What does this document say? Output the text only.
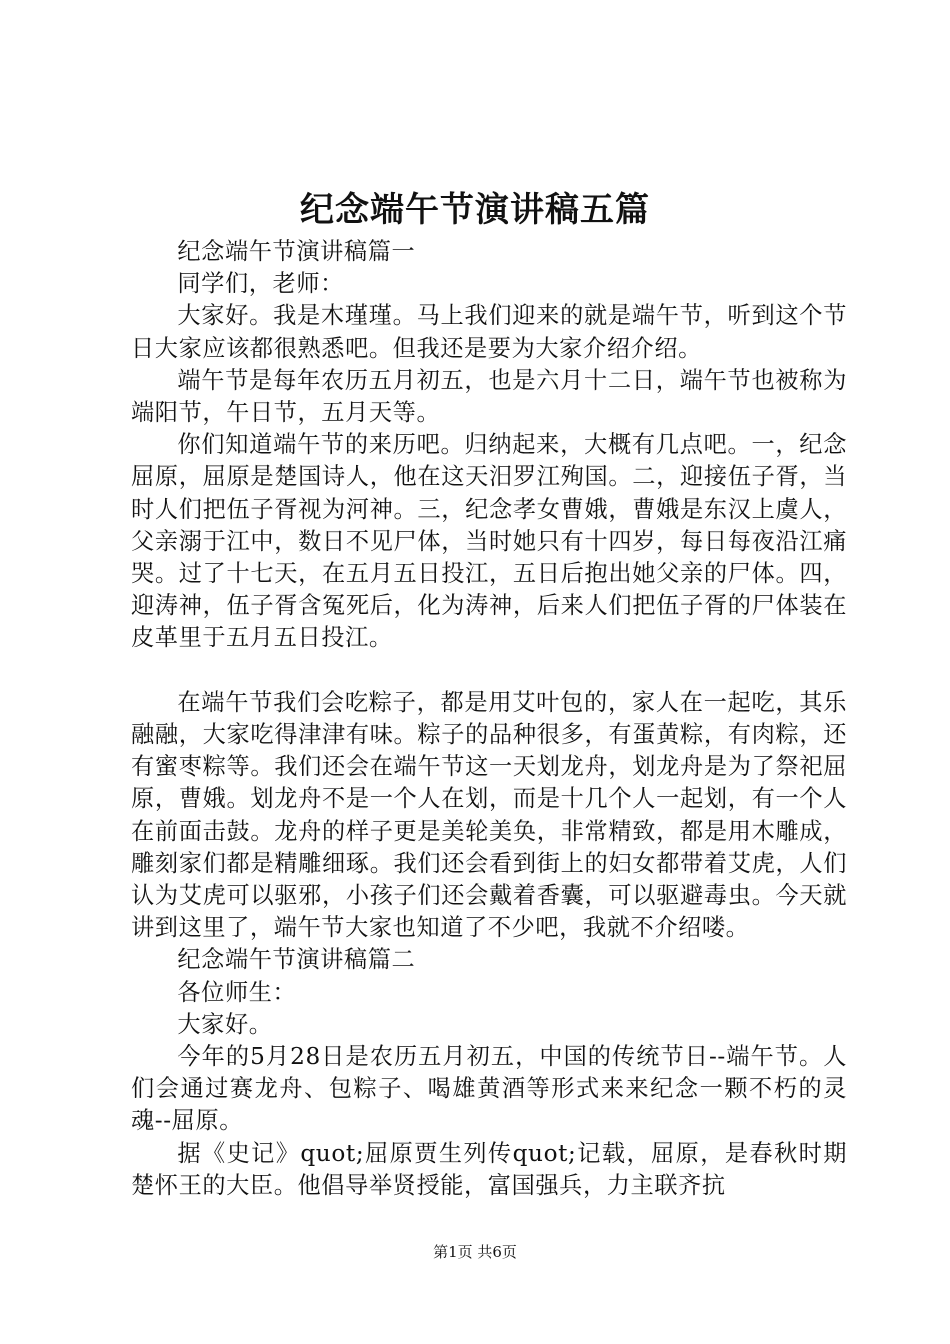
纪念端午节演讲稿五篇

纪念端午节演讲稿篇一

同学们，老师：

大家好。我是木瑾瑾。马上我们迎来的就是端午节，听到这个节日大家应该都很熟悉吧。但我还是要为大家介绍介绍。

端午节是每年农历五月初五，也是六月十二日，端午节也被称为端阳节，午日节，五月天等。

你们知道端午节的来历吧。归纳起来，大概有几点吧。一，纪念屈原，屈原是楚国诗人，他在这天汨罗江殉国。二，迎接伍子胥，当时人们把伍子胥视为河神。三，纪念孝女曹娥，曹娥是东汉上虞人，父亲溺于江中，数日不见尸体，当时她只有十四岁，每日每夜沿江痛哭。过了十七天，在五月五日投江，五日后抱出她父亲的尸体。四，迎涛神，伍子胥含冤死后，化为涛神，后来人们把伍子胥的尸体装在皮革里于五月五日投江。

在端午节我们会吃粽子，都是用艾叶包的，家人在一起吃，其乐融融，大家吃得津津有味。粽子的品种很多，有蛋黄粽，有肉粽，还有蜜枣粽等。我们还会在端午节这一天划龙舟，划龙舟是为了祭祀屈原，曹娥。划龙舟不是一个人在划，而是十几个人一起划，有一个人在前面击鼓。龙舟的样子更是美轮美奂，非常精致，都是用木雕成，雕刻家们都是精雕细琢。我们还会看到街上的妇女都带着艾虎，人们认为艾虎可以驱邪，小孩子们还会戴着香囊，可以驱避毒虫。今天就讲到这里了，端午节大家也知道了不少吧，我就不介绍喽。

纪念端午节演讲稿篇二

各位师生：

大家好。

今年的5月28日是农历五月初五，中国的传统节日--端午节。人们会通过赛龙舟、包粽子、喝雄黄酒等形式来来纪念一颗不朽的灵魂--屈原。

据《史记》quot;屈原贾生列传quot;记载，屈原，是春秋时期楚怀王的大臣。他倡导举贤授能，富国强兵，力主联齐抗

第1页 共6页
